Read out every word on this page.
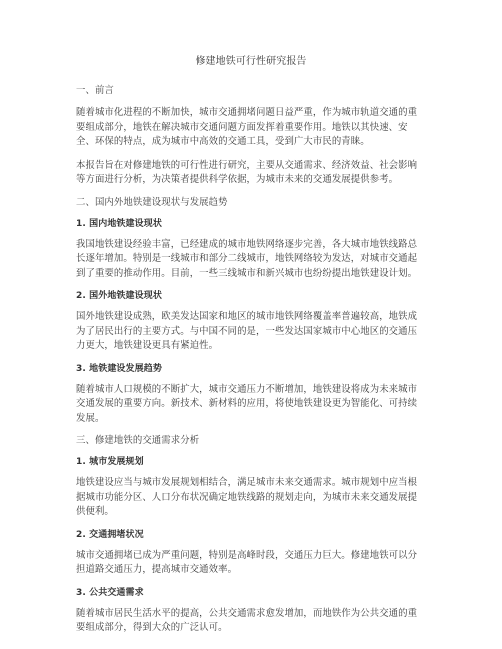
修建地铁可行性研究报告
一、前言
随着城市化进程的不断加快，城市交通拥堵问题日益严重，作为城市轨道交通的重要组成部分，地铁在解决城市交通问题方面发挥着重要作用。地铁以其快速、安全、环保的特点，成为城市中高效的交通工具，受到广大市民的青睐。
本报告旨在对修建地铁的可行性进行研究，主要从交通需求、经济效益、社会影响等方面进行分析，为决策者提供科学依据，为城市未来的交通发展提供参考。
二、国内外地铁建设现状与发展趋势
1. 国内地铁建设现状
我国地铁建设经验丰富，已经建成的城市地铁网络逐步完善，各大城市地铁线路总长逐年增加。特别是一线城市和部分二线城市，地铁网络较为发达，对城市交通起到了重要的推动作用。目前，一些三线城市和新兴城市也纷纷提出地铁建设计划。
2. 国外地铁建设现状
国外地铁建设成熟，欧美发达国家和地区的城市地铁网络覆盖率普遍较高，地铁成为了居民出行的主要方式。与中国不同的是，一些发达国家城市中心地区的交通压力更大，地铁建设更具有紧迫性。
3. 地铁建设发展趋势
随着城市人口规模的不断扩大，城市交通压力不断增加，地铁建设将成为未来城市交通发展的重要方向。新技术、新材料的应用，将使地铁建设更为智能化、可持续发展。
三、修建地铁的交通需求分析
1. 城市发展规划
地铁建设应当与城市发展规划相结合，满足城市未来交通需求。城市规划中应当根据城市功能分区、人口分布状况确定地铁线路的规划走向，为城市未来交通发展提供便利。
2. 交通拥堵状况
城市交通拥堵已成为严重问题，特别是高峰时段，交通压力巨大。修建地铁可以分担道路交通压力，提高城市交通效率。
3. 公共交通需求
随着城市居民生活水平的提高，公共交通需求愈发增加，而地铁作为公共交通的重要组成部分，得到大众的广泛认可。
